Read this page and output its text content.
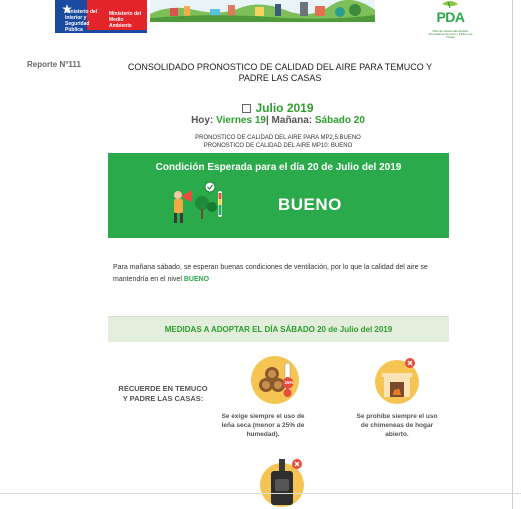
Ministerio del Interior y Seguridad Pública
Ministerio del Medio Ambiente
PDA
Plan de Descontaminación Atmosférica Temuco y Padre Las Casas
Reporte N°111	CONSOLIDADO PRONOSTICO DE CALIDAD DEL AIRE PARA TEMUCO Y PADRE LAS CASAS
Julio 2019
Hoy: Viernes 19| Mañana: Sábado 20
PRONOSTICO DE CALIDAD DEL AIRE PARA MP2,5:BUENO
PRONOSTICO DE CALIDAD DEL AIRE MP10: BUENO
Condición Esperada para el día 20 de Julio del 2019
BUENO
Para mañana sábado, se esperan buenas condiciones de ventilación, por lo que la calidad del aire se mantendría en el nivel BUENO
MEDIDAS A ADOPTAR EL DÍA SÁBADO 20 de Julio del 2019
RECUERDE EN TEMUCO Y PADRE LAS CASAS:
25%
Se exige siempre el uso de leña seca (menor a 25% de humedad).
Se prohíbe siempre el uso de chimeneas de hogar abierto.
